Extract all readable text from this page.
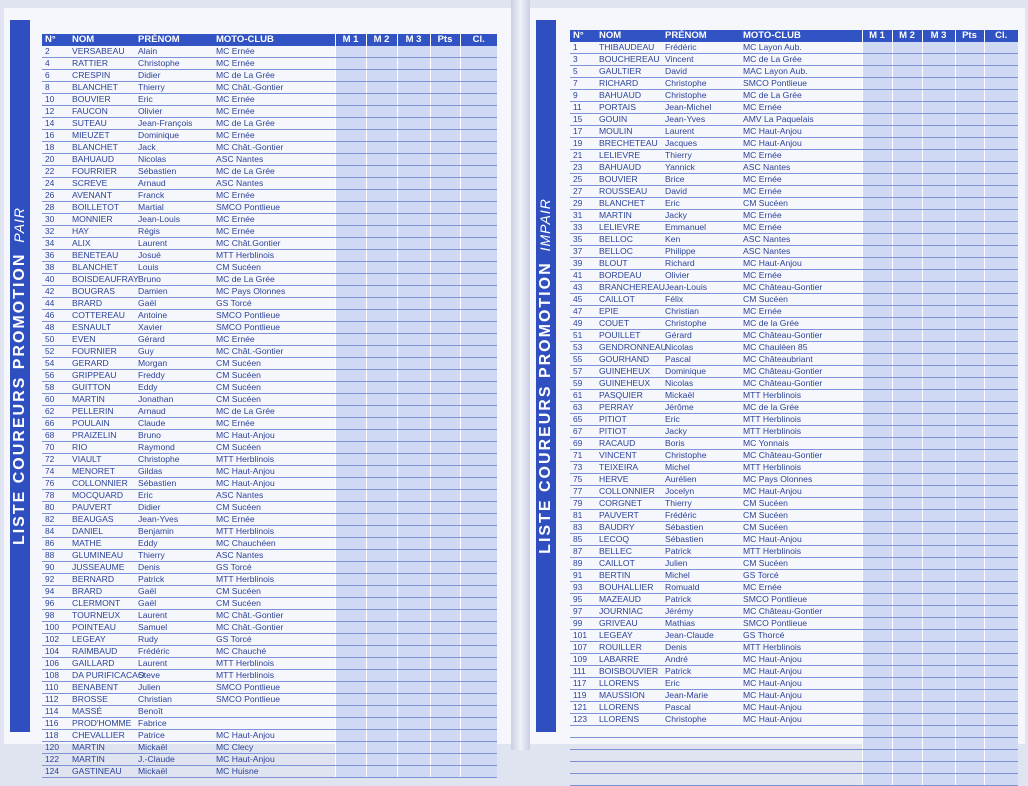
LISTE COUREURS PROMOTIONPAIR
N°	NOM	PRÉNOM	MOTO-CLUB	M 1	M 2	M 3	Pts	Cl.
2	VERSABEAU	Alain	MC Ernée					
4	RATTIER	Christophe	MC Ernée					
6	CRESPIN	Didier	MC de La Grée					
8	BLANCHET	Thierry	MC Chât.-Gontier					
10	BOUVIER	Eric	MC Ernée					
12	FAUCON	Olivier	MC Ernée					
14	SUTEAU	Jean-François	MC de La Grée					
16	MIEUZET	Dominique	MC Ernée					
18	BLANCHET	Jack	MC Chât.-Gontier					
20	BAHUAUD	Nicolas	ASC Nantes					
22	FOURRIER	Sébastien	MC de La Grée					
24	SCREVE	Arnaud	ASC Nantes					
26	AVENANT	Franck	MC Ernée					
28	BOILLETOT	Martial	SMCO Pontlieue					
30	MONNIER	Jean-Louis	MC Ernée					
32	HAY	Régis	MC Ernée					
34	ALIX	Laurent	MC Chât.Gontier					
36	BENETEAU	Josué	MTT Herblinois					
38	BLANCHET	Louis	CM Sucéen					
40	BOISDEAUFRAY	Bruno	MC de La Grée					
42	BOUGRAS	Damien	MC Pays Olonnes					
44	BRARD	Gaël	GS Torcé					
46	COTTEREAU	Antoine	SMCO Pontlieue					
48	ESNAULT	Xavier	SMCO Pontlieue					
50	EVEN	Gérard	MC Ernée					
52	FOURNIER	Guy	MC Chât.-Gontier					
54	GERARD	Morgan	CM Sucéen					
56	GRIPPEAU	Freddy	CM Sucéen					
58	GUITTON	Eddy	CM Sucéen					
60	MARTIN	Jonathan	CM Sucéen					
62	PELLERIN	Arnaud	MC de La Grée					
66	POULAIN	Claude	MC Ernée					
68	PRAIZELIN	Bruno	MC Haut-Anjou					
70	RIO	Raymond	CM Sucéen					
72	VIAULT	Christophe	MTT Herblinois					
74	MENORET	Gildas	MC Haut-Anjou					
76	COLLONNIER	Sébastien	MC Haut-Anjou					
78	MOCQUARD	Eric	ASC Nantes					
80	PAUVERT	Didier	CM Sucéen					
82	BEAUGAS	Jean-Yves	MC Ernée					
84	DANIEL	Benjamin	MTT Herblinois					
86	MATHE	Eddy	MC Chauchéen					
88	GLUMINEAU	Thierry	ASC Nantes					
90	JUSSEAUME	Denis	GS Torcé					
92	BERNARD	Patrick	MTT Herblinois					
94	BRARD	Gaël	CM Sucéen					
96	CLERMONT	Gaël	CM Sucéen					
98	TOURNEUX	Laurent	MC Chât.-Gontier					
100	POINTEAU	Samuel	MC Chât.-Gontier					
102	LEGEAY	Rudy	GS Torcé					
104	RAIMBAUD	Frédéric	MC Chauché					
106	GAILLARD	Laurent	MTT Herblinois					
108	DA PURIFICACAO	Steve	MTT Herblinois					
110	BENABENT	Julien	SMCO Pontlieue					
112	BROSSE	Christian	SMCO Pontlieue					
114	MASSÉ	Benoît						
116	PROD'HOMME	Fabrice						
118	CHEVALLIER	Patrice	MC Haut-Anjou					
120	MARTIN	Mickaël	MC Clecy					
122	MARTIN	J.-Claude	MC Haut-Anjou					
124	GASTINEAU	Mickaël	MC Huisne					
LISTE COUREURS PROMOTIONIMPAIR
N°	NOM	PRÉNOM	MOTO-CLUB	M 1	M 2	M 3	Pts	Cl.
1	THIBAUDEAU	Frédéric	MC Layon Aub.					
3	BOUCHEREAU	Vincent	MC de La Grée					
5	GAULTIER	David	MAC Layon Aub.					
7	RICHARD	Christophe	SMCO Pontlieue					
9	BAHUAUD	Christophe	MC de La Grée					
11	PORTAIS	Jean-Michel	MC Ernée					
15	GOUIN	Jean-Yves	AMV La Paquelais					
17	MOULIN	Laurent	MC Haut-Anjou					
19	BRECHETEAU	Jacques	MC Haut-Anjou					
21	LELIEVRE	Thierry	MC Ernée					
23	BAHUAUD	Yannick	ASC Nantes					
25	BOUVIER	Brice	MC Ernée					
27	ROUSSEAU	David	MC Ernée					
29	BLANCHET	Eric	CM Sucéen					
31	MARTIN	Jacky	MC Ernée					
33	LELIEVRE	Emmanuel	MC Ernée					
35	BELLOC	Ken	ASC Nantes					
37	BELLOC	Philippe	ASC Nantes					
39	BLOUT	Richard	MC Haut-Anjou					
41	BORDEAU	Olivier	MC Ernée					
43	BRANCHEREAU	Jean-Louis	MC Château-Gontier					
45	CAILLOT	Félix	CM Sucéen					
47	EPIE	Christian	MC Ernée					
49	COUET	Christophe	MC de la Grée					
51	POUILLET	Gérard	MC Château-Gontier					
53	GENDRONNEAU	Nicolas	MC Chauléen 85					
55	GOURHAND	Pascal	MC Châteaubriant					
57	GUINEHEUX	Dominique	MC Château-Gontier					
59	GUINEHEUX	Nicolas	MC Château-Gontier					
61	PASQUIER	Mickaël	MTT Herblinois					
63	PERRAY	Jérôme	MC de la Grée					
65	PITIOT	Eric	MTT Herblinois					
67	PITIOT	Jacky	MTT Herblinois					
69	RACAUD	Boris	MC Yonnais					
71	VINCENT	Christophe	MC Château-Gontier					
73	TEIXEIRA	Michel	MTT Herblinois					
75	HERVE	Aurélien	MC Pays Olonnes					
77	COLLONNIER	Jocelyn	MC Haut-Anjou					
79	CORGNET	Thierry	CM Sucéen					
81	PAUVERT	Frédéric	CM Sucéen					
83	BAUDRY	Sébastien	CM Sucéen					
85	LECOQ	Sébastien	MC Haut-Anjou					
87	BELLEC	Patrick	MTT Herblinois					
89	CAILLOT	Julien	CM Sucéen					
91	BERTIN	Michel	GS Torcé					
93	BOUHALLIER	Romuald	MC Ernée					
95	MAZEAUD	Patrick	SMCO Pontlieue					
97	JOURNIAC	Jérémy	MC Château-Gontier					
99	GRIVEAU	Mathias	SMCO Pontlieue					
101	LEGEAY	Jean-Claude	GS Thorcé					
107	ROUILLER	Denis	MTT Herblinois					
109	LABARRE	André	MC Haut-Anjou					
111	BOISBOUVIER	Patrick	MC Haut-Anjou					
117	LLORENS	Eric	MC Haut-Anjou					
119	MAUSSION	Jean-Marie	MC Haut-Anjou					
121	LLORENS	Pascal	MC Haut-Anjou					
123	LLORENS	Christophe	MC Haut-Anjou					
